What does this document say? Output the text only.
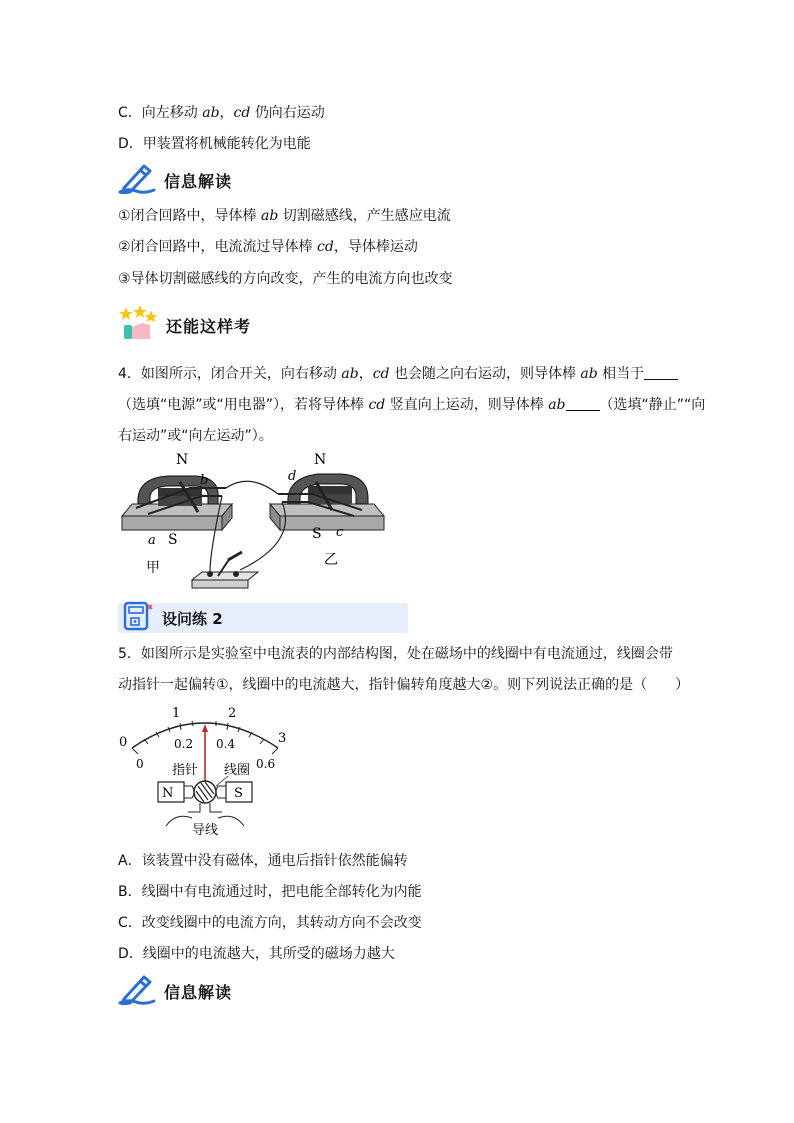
C．向左移动 ab，cd 仍向右运动
D．甲装置将机械能转化为电能
信息解读
①闭合回路中，导体棒 ab 切割磁感线，产生感应电流
②闭合回路中，电流流过导体棒 cd，导体棒运动
③导体切割磁感线的方向改变，产生的电流方向也改变
还能这样考
4．如图所示，闭合开关，向右移动 ab，cd 也会随之向右运动，则导体棒 ab 相当于
（选填“电源”或“用电器”），若将导体棒 cd 竖直向上运动，则导体棒 ab （选填“静止”“向
右运动”或“向左运动”）。
N
b
a S
甲
N
d
S c
乙
设问练 2
5．如图所示是实验室中电流表的内部结构图，处在磁场中的线圈中有电流通过，线圈会带
动指针一起偏转①，线圈中的电流越大，指针偏转角度越大②。则下列说法正确的是（　　）
0
1	2
3
0
0.2 0.4
0.6
指针 线圈
N	S
导线
A．该装置中没有磁体，通电后指针依然能偏转
B．线圈中有电流通过时，把电能全部转化为内能
C．改变线圈中的电流方向，其转动方向不会改变
D．线圈中的电流越大，其所受的磁场力越大
信息解读
